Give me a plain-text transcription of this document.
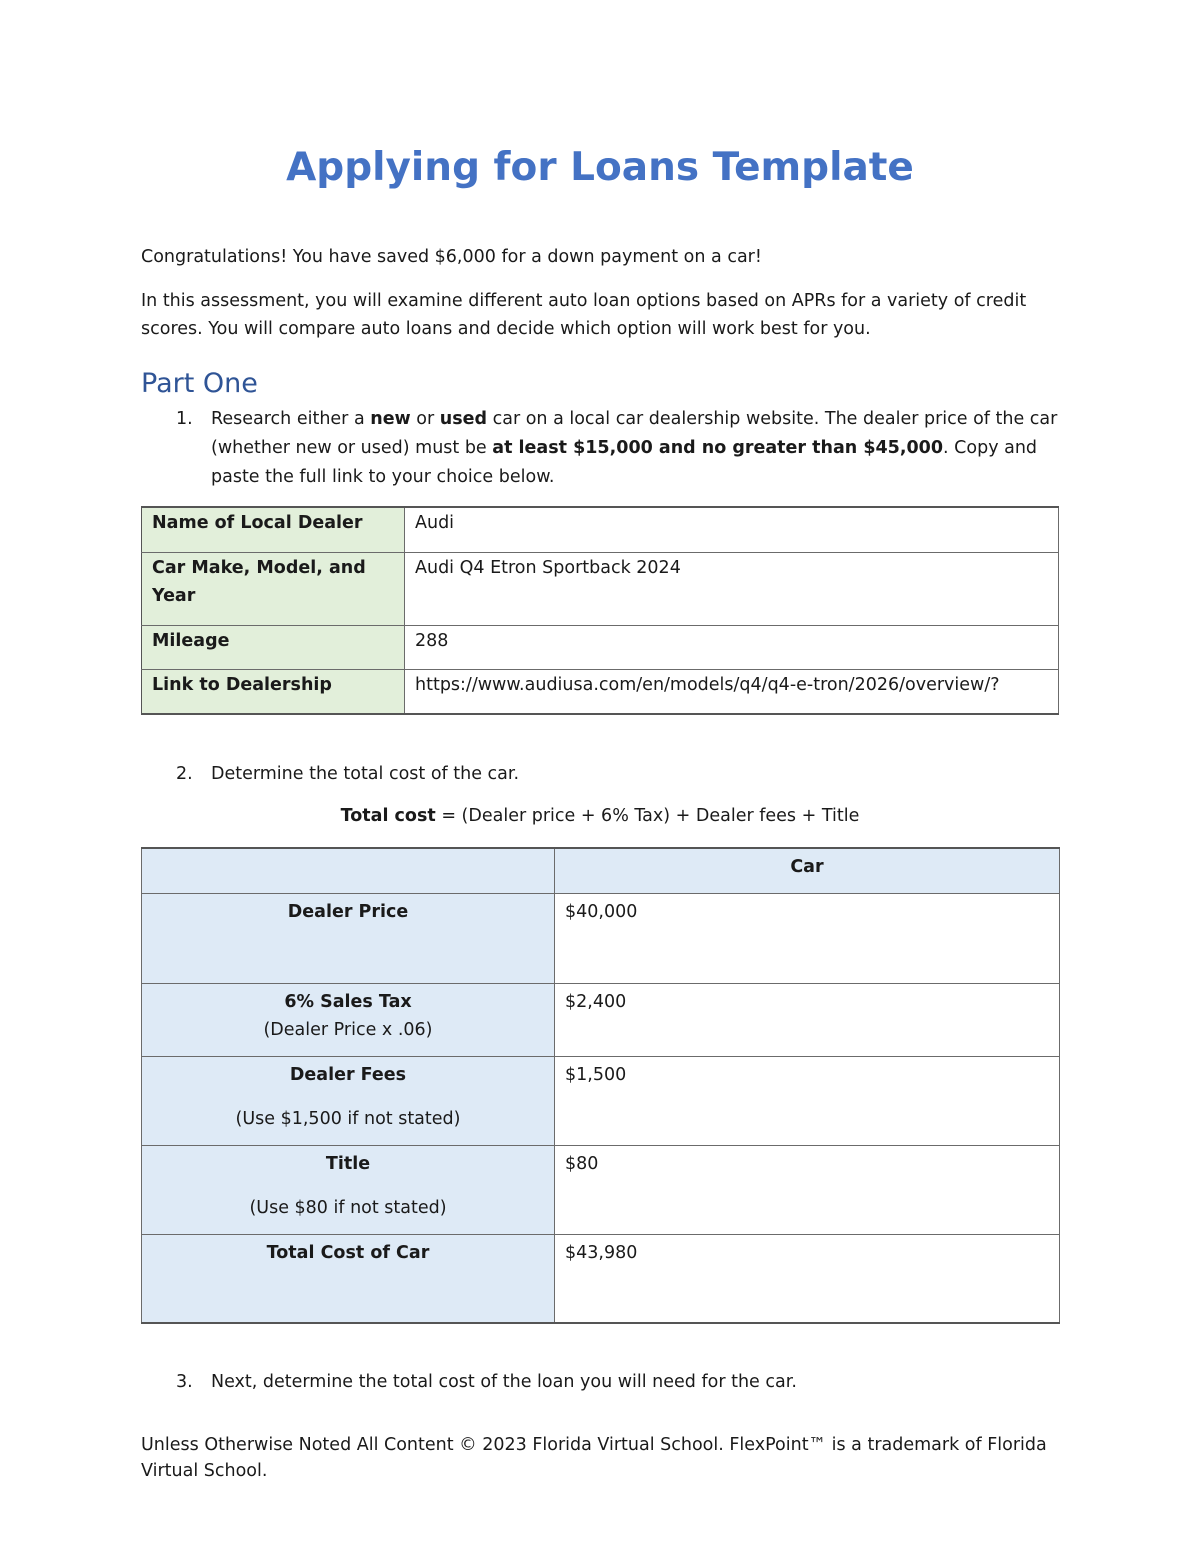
Applying for Loans Template
Congratulations! You have saved $6,000 for a down payment on a car!
In this assessment, you will examine different auto loan options based on APRs for a variety of credit scores. You will compare auto loans and decide which option will work best for you.
Part One
1. Research either a new or used car on a local car dealership website. The dealer price of the car (whether new or used) must be at least $15,000 and no greater than $45,000. Copy and paste the full link to your choice below.
Name of Local Dealer	Audi
Car Make, Model, and Year	Audi Q4 Etron Sportback 2024
Mileage	288
Link to Dealership	https://www.audiusa.com/en/models/q4/q4-e-tron/2026/overview/?
2. Determine the total cost of the car.
Total cost = (Dealer price + 6% Tax) + Dealer fees + Title
	Car

Dealer Price	$40,000

6% Sales Tax
(Dealer Price x .06)	$2,400

Dealer Fees
(Use $1,500 if not stated)	$1,500

Title
(Use $80 if not stated)	$80

Total Cost of Car	$43,980
3. Next, determine the total cost of the loan you will need for the car.
Unless Otherwise Noted All Content © 2023 Florida Virtual School. FlexPoint™ is a trademark of Florida Virtual School.
